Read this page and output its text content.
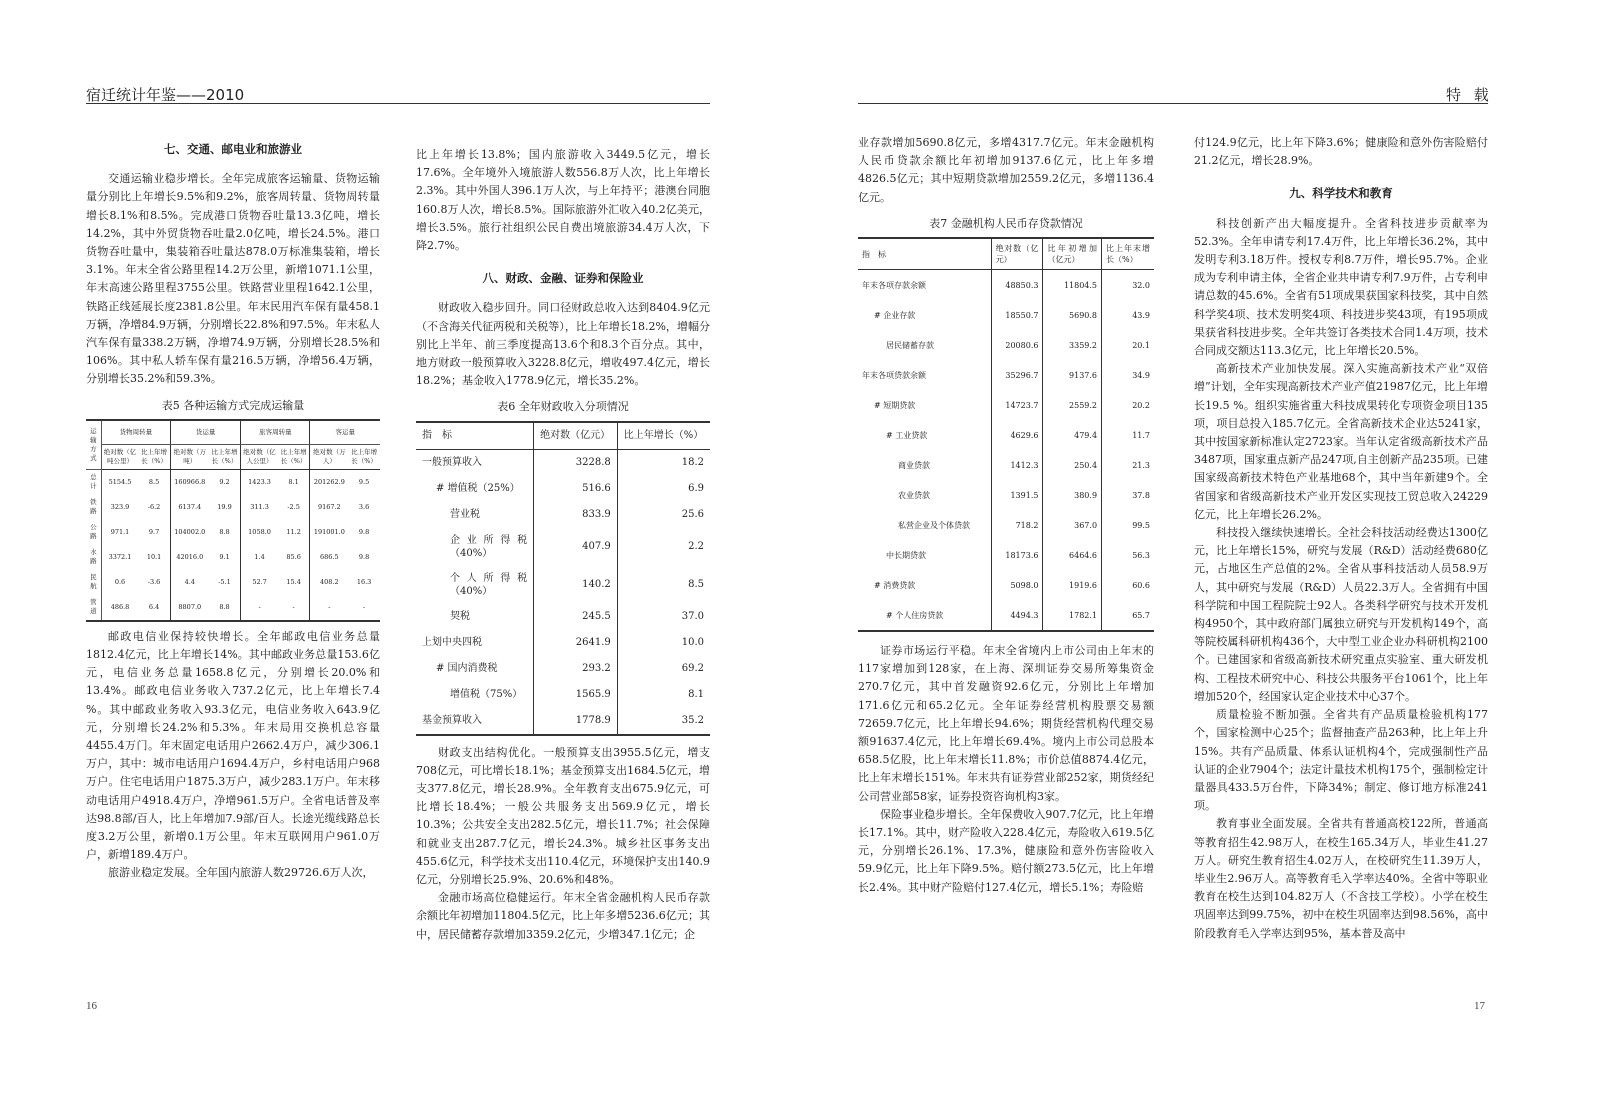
宿迁统计年鉴——2010
七、交通、邮电业和旅游业

交通运输业稳步增长。全年完成旅客运输量、货物运输量分别比上年增长9.5%和9.2%，旅客周转量、货物周转量增长8.1%和8.5%。完成港口货物吞吐量13.3亿吨，增长14.2%，其中外贸货物吞吐量2.0亿吨，增长24.5%。港口货物吞吐量中，集装箱吞吐量达878.0万标准集装箱，增长3.1%。年末全省公路里程14.2万公里，新增1071.1公里，年末高速公路里程3755公里。铁路营业里程1642.1公里，铁路正线延展长度2381.8公里。年末民用汽车保有量458.1万辆，净增84.9万辆，分别增长22.8%和97.5%。年末私人汽车保有量338.2万辆，净增74.9万辆，分别增长28.5%和106%。其中私人轿车保有量216.5万辆，净增56.4万辆，分别增长35.2%和59.3%。

表5 各种运输方式完成运输量
运输方式	货物周转量		货运量		旅客周转量		客运量	
	绝对数（亿吨公里）	比上年增长（%）	绝对数（万吨）	比上年增长（%）	绝对数（亿人公里）	比上年增长（%）	绝对数（万人）	比上年增长（%）
总计	5154.5	8.5	160966.8	9.2	1423.3	8.1	201262.9	9.5
铁路	323.9	-6.2	6137.4	19.9	311.3	-2.5	9167.2	3.6
公路	971.1	9.7	104002.0	8.8	1058.0	11.2	191001.0	9.8
水路	3372.1	10.1	42016.0	9.1	1.4	85.6	686.5	9.8
民航	0.6	-3.6	4.4	-5.1	52.7	15.4	408.2	16.3
管道	486.8	6.4	8807.0	8.8	-	-	-	-

邮政电信业保持较快增长。全年邮政电信业务总量1812.4亿元，比上年增长14%。其中邮政业务总量153.6亿元，电信业务总量1658.8亿元，分别增长20.0%和13.4%。邮政电信业务收入737.2亿元，比上年增长7.4 %。其中邮政业务收入93.3亿元，电信业务收入643.9亿元，分别增长24.2%和5.3%。年末局用交换机总容量4455.4万门。年末固定电话用户2662.4万户，减少306.1万户，其中：城市电话用户1694.4万户，乡村电话用户968万户。住宅电话用户1875.3万户，减少283.1万户。年末移动电话用户4918.4万户，净增961.5万户。全省电话普及率达98.8部/百人，比上年增加7.9部/百人。长途光缆线路总长度3.2万公里，新增0.1万公里。年末互联网用户961.0万户，新增189.4万户。

旅游业稳定发展。全年国内旅游人数29726.6万人次，

比上年增长13.8%；国内旅游收入3449.5亿元，增长17.6%。全年境外入境旅游人数556.8万人次，比上年增长2.3%。其中外国人396.1万人次，与上年持平；港澳台同胞160.8万人次，增长8.5%。国际旅游外汇收入40.2亿美元，增长3.5%。旅行社组织公民自费出境旅游34.4万人次，下降2.7%。

八、财政、金融、证券和保险业

财政收入稳步回升。同口径财政总收入达到8404.9亿元（不含海关代征两税和关税等），比上年增长18.2%，增幅分别比上半年、前三季度提高13.6个和8.3个百分点。其中，地方财政一般预算收入3228.8亿元，增收497.4亿元，增长18.2%；基金收入1778.9亿元，增长35.2%。

表6 全年财政收入分项情况
指　标	绝对数（亿元）	比上年增长（%）
一般预算收入	3228.8	18.2
# 增值税（25%）	516.6	6.9
营业税	833.9	25.6
企业所得税（40%）	407.9	2.2
个人所得税（40%）	140.2	8.5
契税	245.5	37.0
上划中央四税	2641.9	10.0
# 国内消费税	293.2	69.2
增值税（75%）	1565.9	8.1
基金预算收入	1778.9	35.2

财政支出结构优化。一般预算支出3955.5亿元，增支708亿元，可比增长18.1%；基金预算支出1684.5亿元，增支377.8亿元，增长28.9%。全年教育支出675.9亿元，可比增长18.4%；一般公共服务支出569.9亿元，增长10.3%；公共安全支出282.5亿元，增长11.7%；社会保障和就业支出287.7亿元，增长24.3%。城乡社区事务支出455.6亿元，科学技术支出110.4亿元，环境保护支出140.9亿元，分别增长25.9%、20.6%和48%。

金融市场高位稳健运行。年末全省金融机构人民币存款余额比年初增加11804.5亿元，比上年多增5236.6亿元；其中，居民储蓄存款增加3359.2亿元，少增347.1亿元；企

16
特 载

业存款增加5690.8亿元，多增4317.7亿元。年末金融机构人民币贷款余额比年初增加9137.6亿元，比上年多增4826.5亿元；其中短期贷款增加2559.2亿元，多增1136.4亿元。

表7 金融机构人民币存贷款情况
指　标	绝对数（亿元）	比年初增加（亿元）	比上年末增长（%）
年末各项存款余额	48850.3	11804.5	32.0
# 企业存款	18550.7	5690.8	43.9
居民储蓄存款	20080.6	3359.2	20.1
年末各项贷款余额	35296.7	9137.6	34.9
# 短期贷款	14723.7	2559.2	20.2
# 工业贷款	4629.6	479.4	11.7
商业贷款	1412.3	250.4	21.3
农业贷款	1391.5	380.9	37.8
私营企业及个体贷款	718.2	367.0	99.5
中长期贷款	18173.6	6464.6	56.3
# 消费贷款	5098.0	1919.6	60.6
# 个人住房贷款	4494.3	1782.1	65.7

证券市场运行平稳。年末全省境内上市公司由上年末的117家增加到128家，在上海、深圳证券交易所筹集资金270.7亿元，其中首发融资92.6亿元，分别比上年增加171.6亿元和65.2亿元。全年证券经营机构股票交易额72659.7亿元，比上年增长94.6%；期货经营机构代理交易额91637.4亿元，比上年增长69.4%。境内上市公司总股本658.5亿股，比上年末增长11.8%；市价总值8874.4亿元，比上年末增长151%。年末共有证券营业部252家，期货经纪公司营业部58家，证券投资咨询机构3家。

保险事业稳步增长。全年保费收入907.7亿元，比上年增长17.1%。其中，财产险收入228.4亿元，寿险收入619.5亿元，分别增长26.1%、17.3%，健康险和意外伤害险收入59.9亿元，比上年下降9.5%。赔付额273.5亿元，比上年增长2.4%。其中财产险赔付127.4亿元，增长5.1%；寿险赔

付124.9亿元，比上年下降3.6%；健康险和意外伤害险赔付21.2亿元，增长28.9%。

九、科学技术和教育

科技创新产出大幅度提升。全省科技进步贡献率为52.3%。全年申请专利17.4万件，比上年增长36.2%，其中发明专利3.18万件。授权专利8.7万件，增长95.7%。企业成为专利申请主体，全省企业共申请专利7.9万件，占专利申请总数的45.6%。全省有51项成果获国家科技奖，其中自然科学奖4项、技术发明奖4项、科技进步奖43项，有195项成果获省科技进步奖。全年共签订各类技术合同1.4万项，技术合同成交额达113.3亿元，比上年增长20.5%。

高新技术产业加快发展。深入实施高新技术产业“双倍增”计划，全年实现高新技术产业产值21987亿元，比上年增长19.5 %。组织实施省重大科技成果转化专项资金项目135项，项目总投入185.7亿元。全省高新技术企业达5241家，其中按国家新标准认定2723家。当年认定省级高新技术产品3487项，国家重点新产品247项,自主创新产品235项。已建国家级高新技术特色产业基地68个，其中当年新建9个。全省国家和省级高新技术产业开发区实现技工贸总收入24229亿元，比上年增长26.2%。

科技投入继续快速增长。全社会科技活动经费达1300亿元，比上年增长15%，研究与发展（R&D）活动经费680亿元，占地区生产总值的2%。全省从事科技活动人员58.9万人，其中研究与发展（R&D）人员22.3万人。全省拥有中国科学院和中国工程院院士92人。各类科学研究与技术开发机构4950个，其中政府部门属独立研究与开发机构149个，高等院校属科研机构436个，大中型工业企业办科研机构2100个。已建国家和省级高新技术研究重点实验室、重大研发机构、工程技术研究中心、科技公共服务平台1061个，比上年增加520个，经国家认定企业技术中心37个。

质量检验不断加强。全省共有产品质量检验机构177个，国家检测中心25个；监督抽查产品263种，比上年上升15%。共有产品质量、体系认证机构4个，完成强制性产品认证的企业7904个；法定计量技术机构175个，强制检定计量器具433.5万台件，下降34%；制定、修订地方标准241项。

教育事业全面发展。全省共有普通高校122所，普通高等教育招生42.98万人，在校生165.34万人，毕业生41.27万人。研究生教育招生4.02万人，在校研究生11.39万人，毕业生2.96万人。高等教育毛入学率达40%。全省中等职业教育在校生达到104.82万人（不含技工学校）。小学在校生巩固率达到99.75%，初中在校生巩固率达到98.56%，高中阶段教育毛入学率达到95%，基本普及高中

17
